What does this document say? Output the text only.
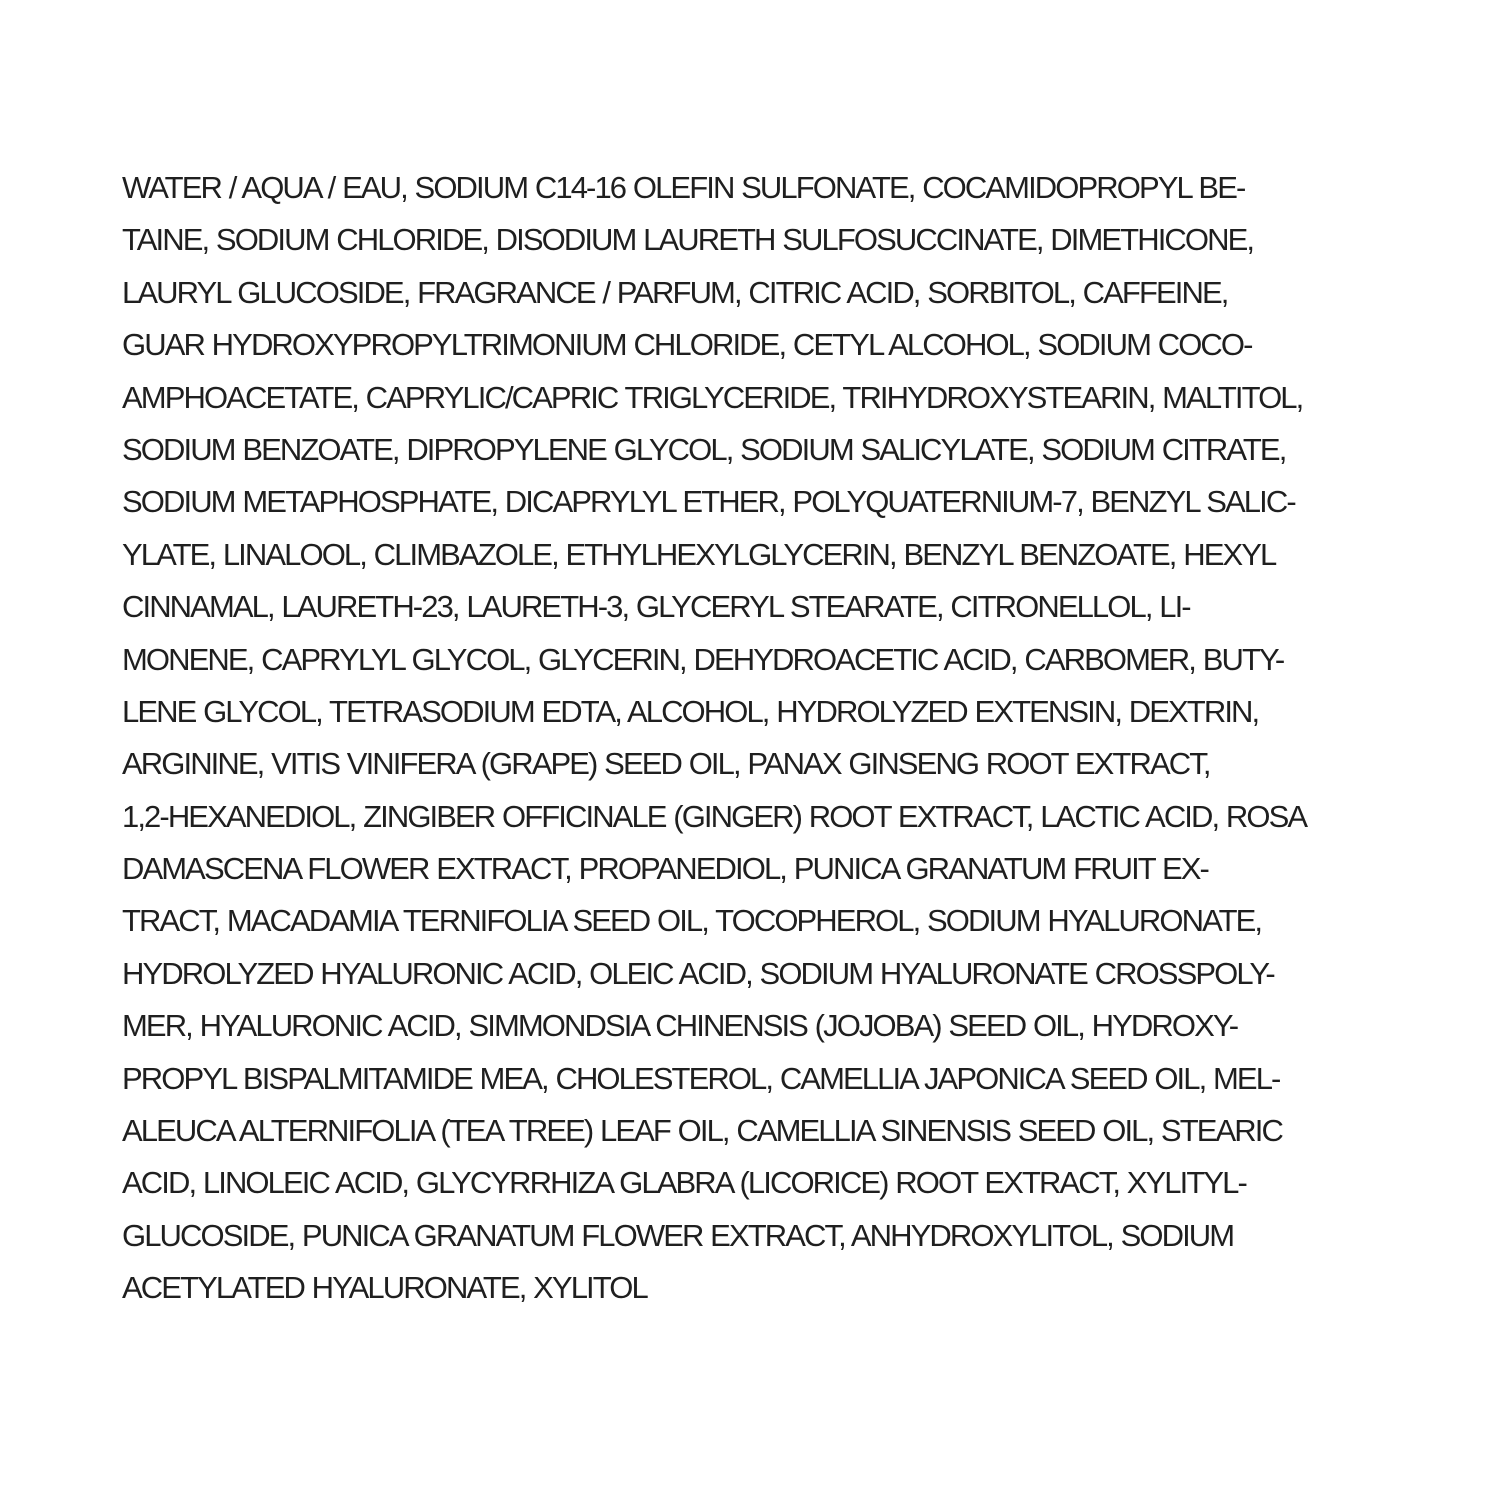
WATER / AQUA / EAU, SODIUM C14-16 OLEFIN SULFONATE, COCAMIDOPROPYL BE-
TAINE, SODIUM CHLORIDE, DISODIUM LAURETH SULFOSUCCINATE, DIMETHICONE,
LAURYL GLUCOSIDE, FRAGRANCE / PARFUM, CITRIC ACID, SORBITOL, CAFFEINE,
GUAR HYDROXYPROPYLTRIMONIUM CHLORIDE, CETYL ALCOHOL, SODIUM COCO-
AMPHOACETATE, CAPRYLIC/CAPRIC TRIGLYCERIDE, TRIHYDROXYSTEARIN, MALTITOL,
SODIUM BENZOATE, DIPROPYLENE GLYCOL, SODIUM SALICYLATE, SODIUM CITRATE,
SODIUM METAPHOSPHATE, DICAPRYLYL ETHER, POLYQUATERNIUM-7, BENZYL SALIC-
YLATE, LINALOOL, CLIMBAZOLE, ETHYLHEXYLGLYCERIN, BENZYL BENZOATE, HEXYL
CINNAMAL, LAURETH-23, LAURETH-3, GLYCERYL STEARATE, CITRONELLOL, LI-
MONENE, CAPRYLYL GLYCOL, GLYCERIN, DEHYDROACETIC ACID, CARBOMER, BUTY-
LENE GLYCOL, TETRASODIUM EDTA, ALCOHOL, HYDROLYZED EXTENSIN, DEXTRIN,
ARGININE, VITIS VINIFERA (GRAPE) SEED OIL, PANAX GINSENG ROOT EXTRACT,
1,2-HEXANEDIOL, ZINGIBER OFFICINALE (GINGER) ROOT EXTRACT, LACTIC ACID, ROSA
DAMASCENA FLOWER EXTRACT, PROPANEDIOL, PUNICA GRANATUM FRUIT EX-
TRACT, MACADAMIA TERNIFOLIA SEED OIL, TOCOPHEROL, SODIUM HYALURONATE,
HYDROLYZED HYALURONIC ACID, OLEIC ACID, SODIUM HYALURONATE CROSSPOLY-
MER, HYALURONIC ACID, SIMMONDSIA CHINENSIS (JOJOBA) SEED OIL, HYDROXY-
PROPYL BISPALMITAMIDE MEA, CHOLESTEROL, CAMELLIA JAPONICA SEED OIL, MEL-
ALEUCA ALTERNIFOLIA (TEA TREE) LEAF OIL, CAMELLIA SINENSIS SEED OIL, STEARIC
ACID, LINOLEIC ACID, GLYCYRRHIZA GLABRA (LICORICE) ROOT EXTRACT, XYLITYL-
GLUCOSIDE, PUNICA GRANATUM FLOWER EXTRACT, ANHYDROXYLITOL, SODIUM
ACETYLATED HYALURONATE, XYLITOL
